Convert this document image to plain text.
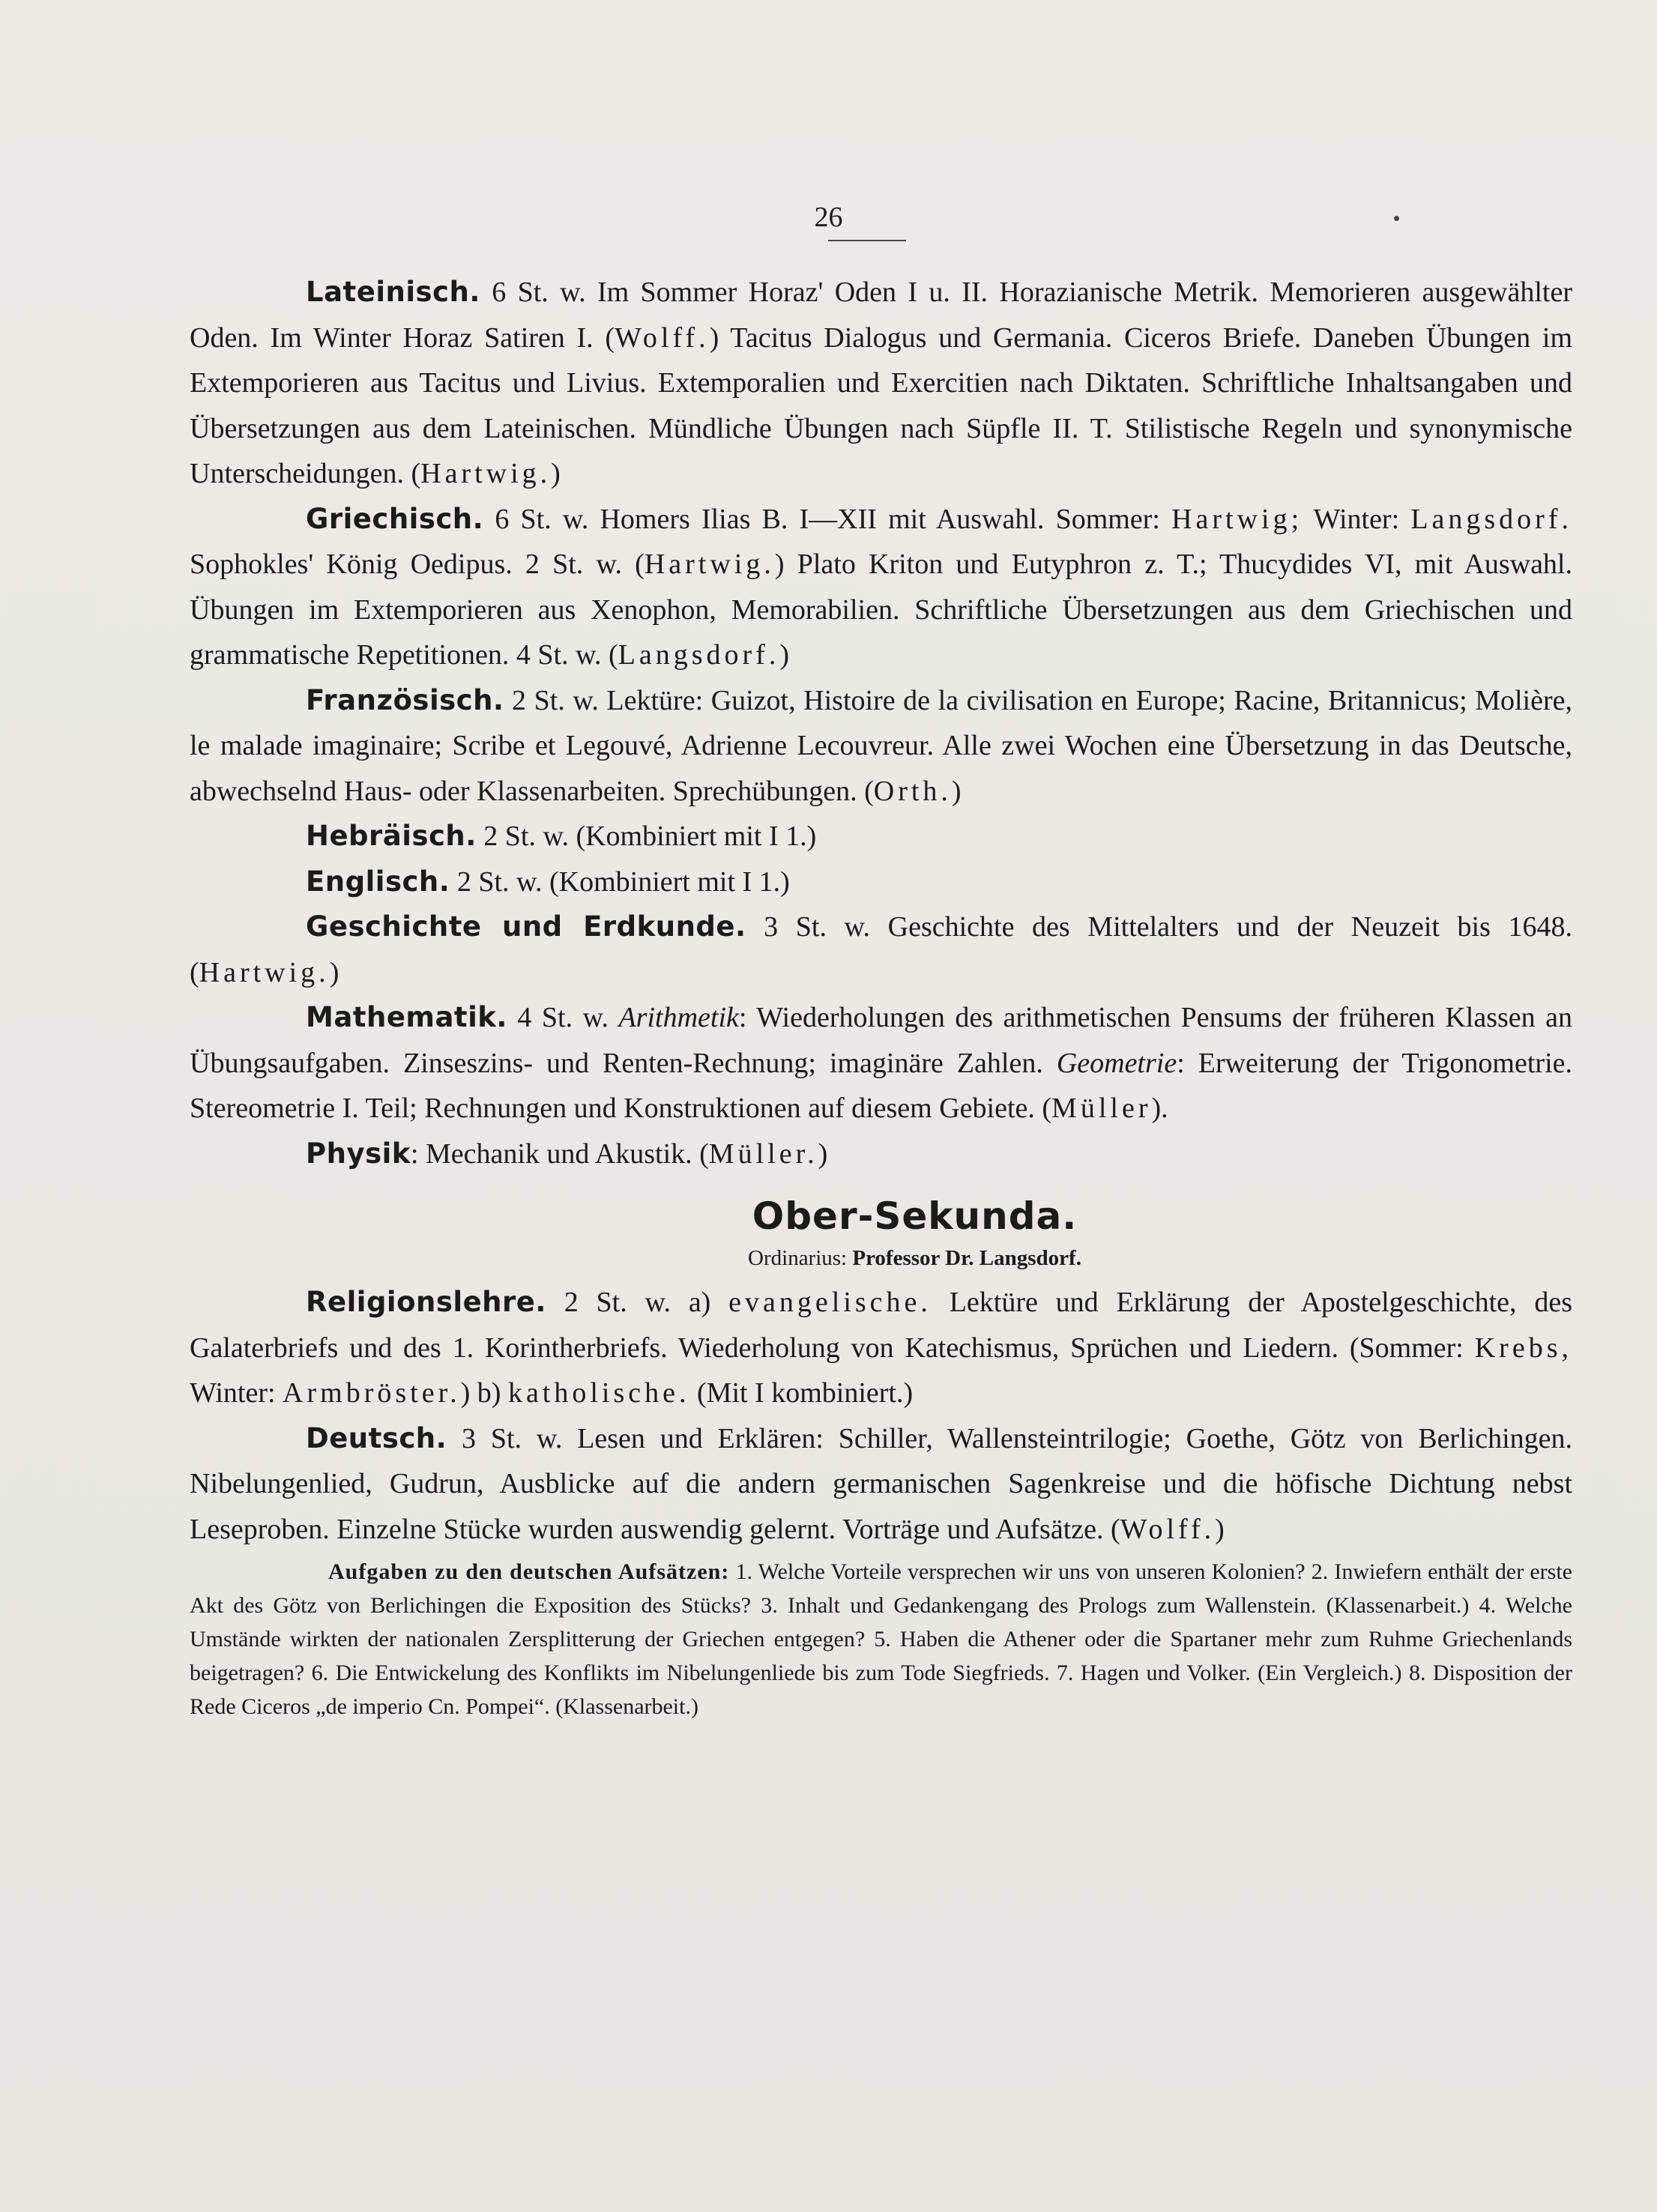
26

Lateinisch. 6 St. w. Im Sommer Horaz' Oden I u. II. Horazianische Metrik. Memorieren ausgewählter Oden. Im Winter Horaz Satiren I. (Wolff.) Tacitus Dialogus und Germania. Ciceros Briefe. Daneben Übungen im Extemporieren aus Tacitus und Livius. Extemporalien und Exercitien nach Diktaten. Schriftliche Inhaltsangaben und Übersetzungen aus dem Lateinischen. Mündliche Übungen nach Süpfle II. T. Stilistische Regeln und synonymische Unterscheidungen. (Hartwig.)

Griechisch. 6 St. w. Homers Ilias B. I—XII mit Auswahl. Sommer: Hartwig; Winter: Langsdorf. Sophokles' König Oedipus. 2 St. w. (Hartwig.) Plato Kriton und Eutyphron z. T.; Thucydides VI, mit Auswahl. Übungen im Extemporieren aus Xenophon, Memorabilien. Schriftliche Übersetzungen aus dem Griechischen und grammatische Repetitionen. 4 St. w. (Langsdorf.)

Französisch. 2 St. w. Lektüre: Guizot, Histoire de la civilisation en Europe; Racine, Britannicus; Molière, le malade imaginaire; Scribe et Legouvé, Adrienne Lecouvreur. Alle zwei Wochen eine Übersetzung in das Deutsche, abwechselnd Haus- oder Klassenarbeiten. Sprechübungen. (Orth.)

Hebräisch. 2 St. w. (Kombiniert mit I 1.)

Englisch. 2 St. w. (Kombiniert mit I 1.)

Geschichte und Erdkunde. 3 St. w. Geschichte des Mittelalters und der Neuzeit bis 1648. (Hartwig.)

Mathematik. 4 St. w. Arithmetik: Wiederholungen des arithmetischen Pensums der früheren Klassen an Übungsaufgaben. Zinseszins- und Renten-Rechnung; imaginäre Zahlen. Geometrie: Erweiterung der Trigonometrie. Stereometrie I. Teil; Rechnungen und Konstruktionen auf diesem Gebiete. (Müller).

Physik: Mechanik und Akustik. (Müller.)

Ober-Sekunda.
Ordinarius: Professor Dr. Langsdorf.

Religionslehre. 2 St. w. a) evangelische. Lektüre und Erklärung der Apostelgeschichte, des Galaterbriefs und des 1. Korintherbriefs. Wiederholung von Katechismus, Sprüchen und Liedern. (Sommer: Krebs, Winter: Armbröster.) b) katholische. (Mit I kombiniert.)

Deutsch. 3 St. w. Lesen und Erklären: Schiller, Wallensteintrilogie; Goethe, Götz von Berlichingen. Nibelungenlied, Gudrun, Ausblicke auf die andern germanischen Sagenkreise und die höfische Dichtung nebst Leseproben. Einzelne Stücke wurden auswendig gelernt. Vorträge und Aufsätze. (Wolff.)

Aufgaben zu den deutschen Aufsätzen: 1. Welche Vorteile versprechen wir uns von unseren Kolonien? 2. Inwiefern enthält der erste Akt des Götz von Berlichingen die Exposition des Stücks? 3. Inhalt und Gedankengang des Prologs zum Wallenstein. (Klassenarbeit.) 4. Welche Umstände wirkten der nationalen Zersplitterung der Griechen entgegen? 5. Haben die Athener oder die Spartaner mehr zum Ruhme Griechenlands beigetragen? 6. Die Entwickelung des Konflikts im Nibelungenliede bis zum Tode Siegfrieds. 7. Hagen und Volker. (Ein Vergleich.) 8. Disposition der Rede Ciceros „de imperio Cn. Pompei“. (Klassenarbeit.)
